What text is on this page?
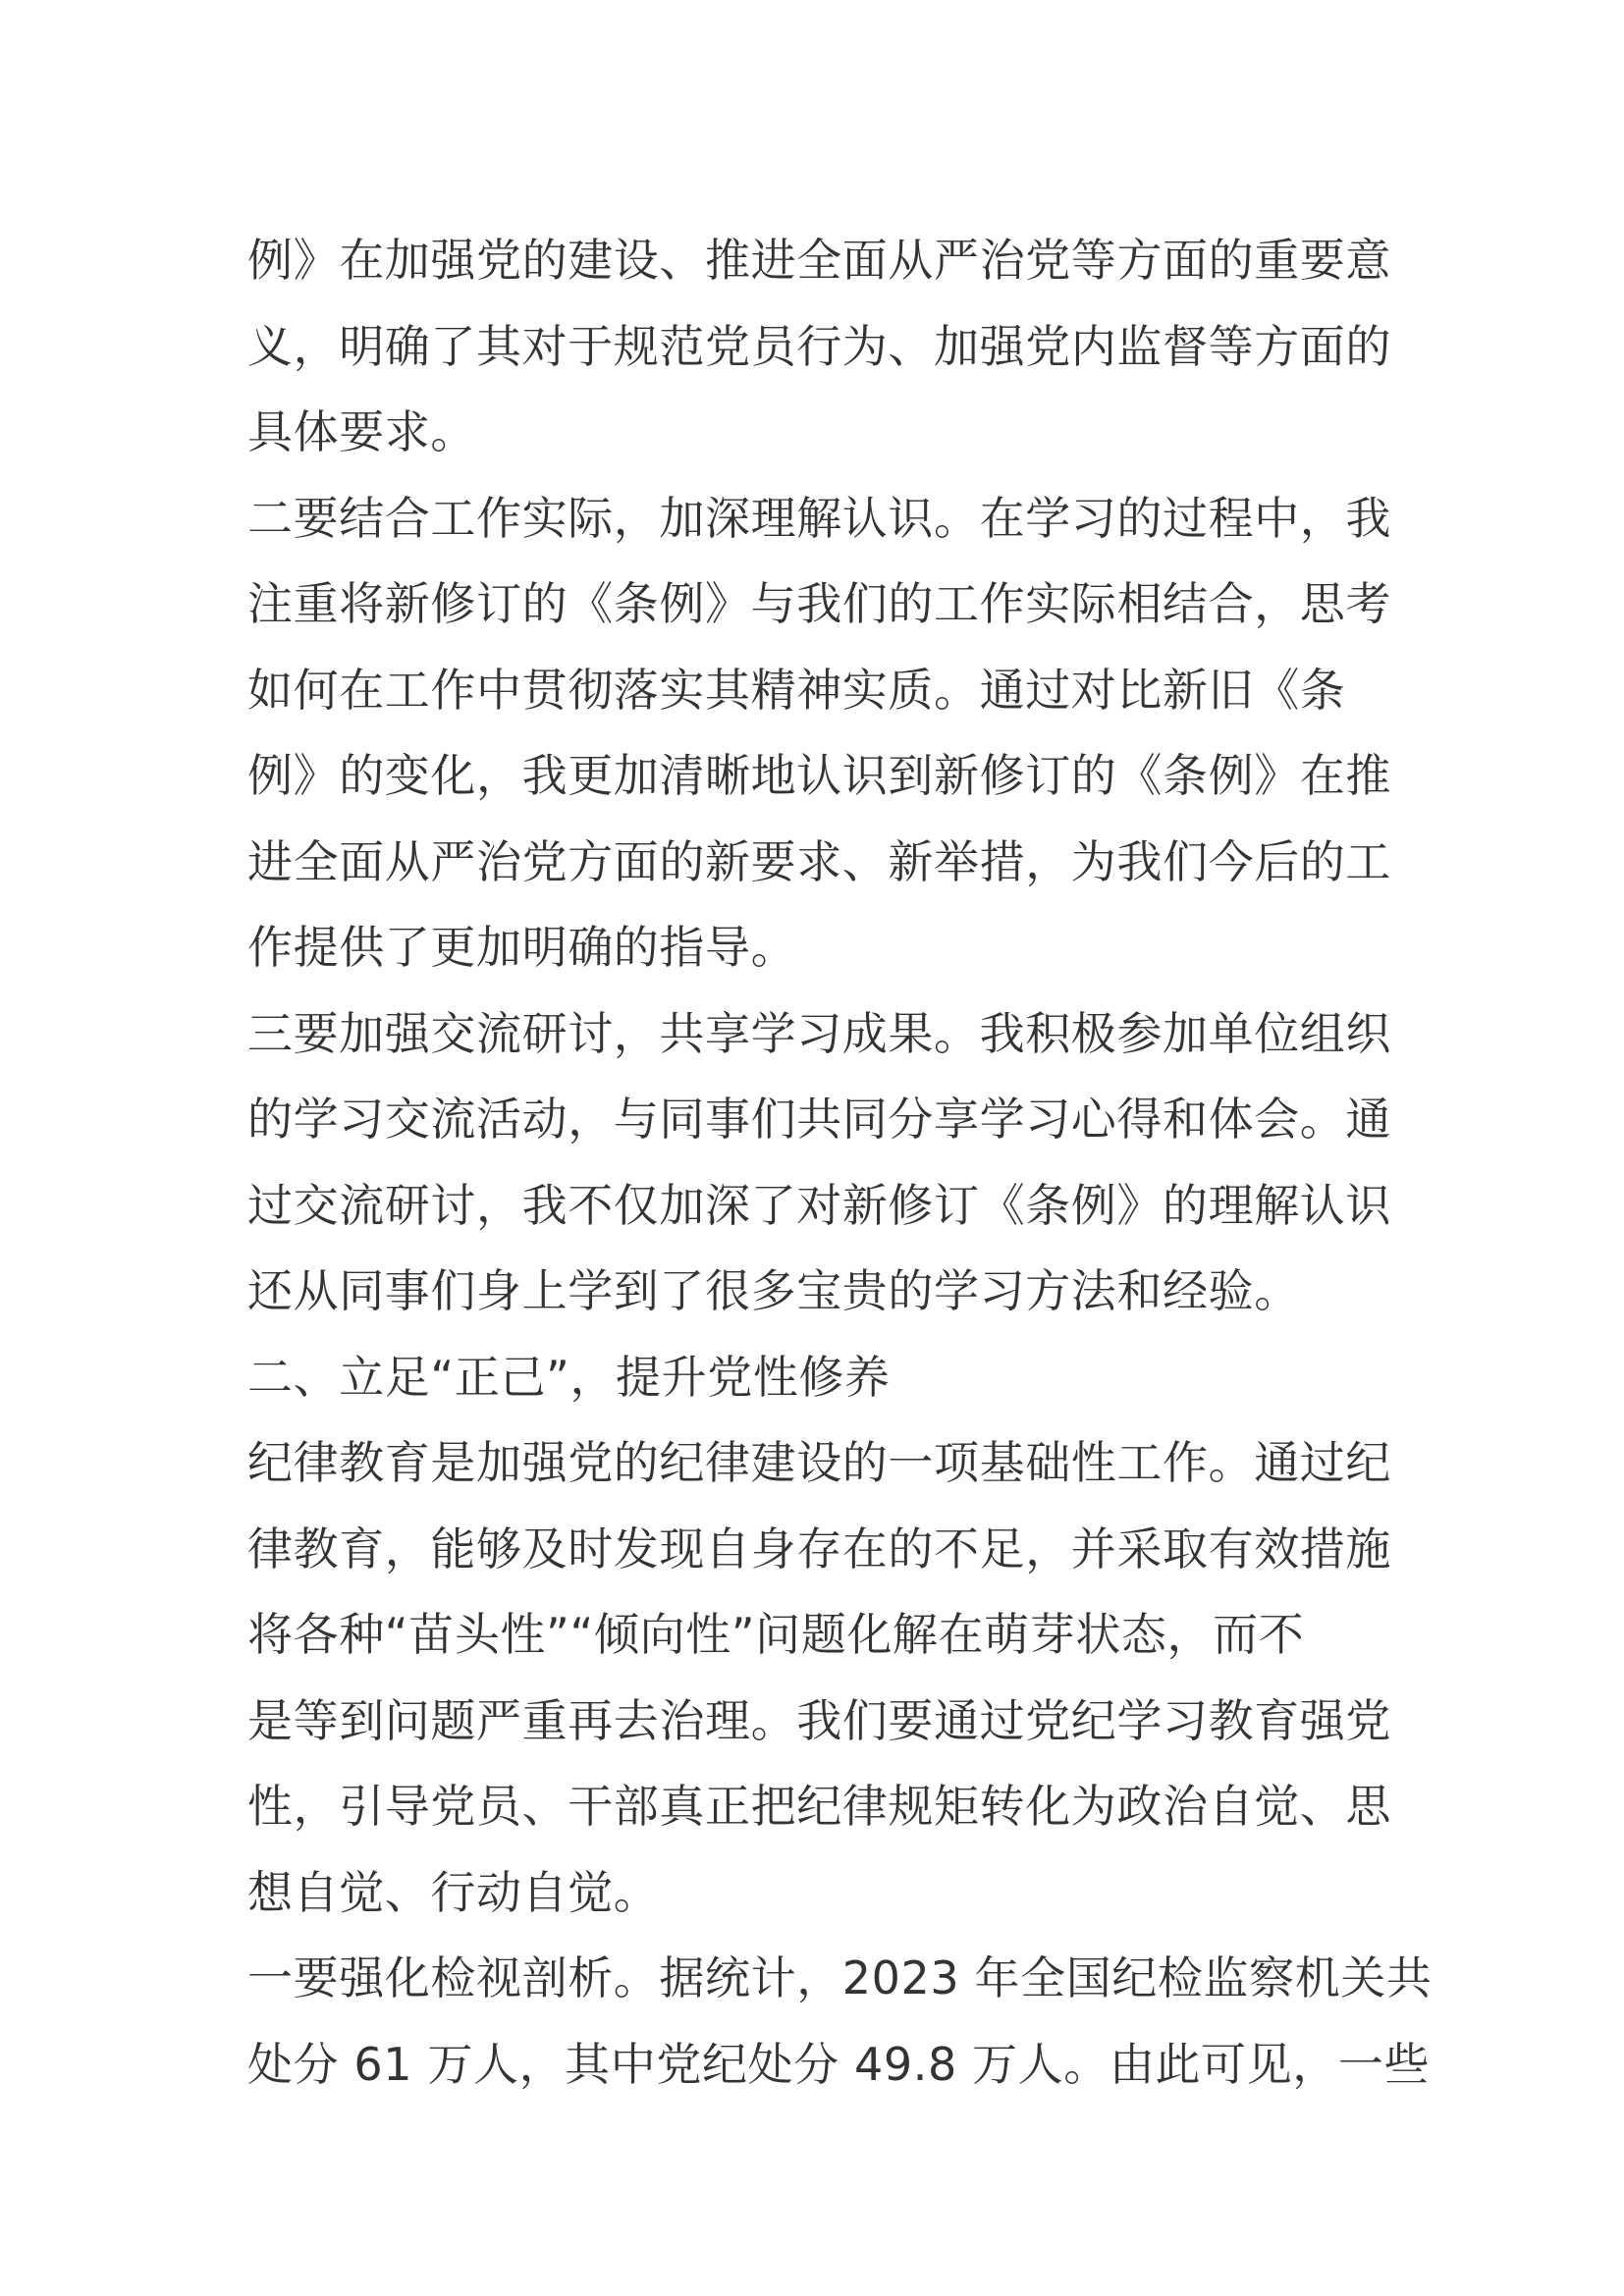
例》在加强党的建设、推进全面从严治党等方面的重要意
义，明确了其对于规范党员行为、加强党内监督等方面的
具体要求。
二要结合工作实际，加深理解认识。在学习的过程中，我
注重将新修订的《条例》与我们的工作实际相结合，思考
如何在工作中贯彻落实其精神实质。通过对比新旧《条
例》的变化，我更加清晰地认识到新修订的《条例》在推
进全面从严治党方面的新要求、新举措，为我们今后的工
作提供了更加明确的指导。
三要加强交流研讨，共享学习成果。我积极参加单位组织
的学习交流活动，与同事们共同分享学习心得和体会。通
过交流研讨，我不仅加深了对新修订《条例》的理解认识
还从同事们身上学到了很多宝贵的学习方法和经验。
二、立足“正己”，提升党性修养
纪律教育是加强党的纪律建设的一项基础性工作。通过纪
律教育，能够及时发现自身存在的不足，并采取有效措施
将各种“苗头性”“倾向性”问题化解在萌芽状态，而不
是等到问题严重再去治理。我们要通过党纪学习教育强党
性，引导党员、干部真正把纪律规矩转化为政治自觉、思
想自觉、行动自觉。
一要强化检视剖析。据统计，2023 年全国纪检监察机关共
处分 61 万人，其中党纪处分 49.8 万人。由此可见，一些
